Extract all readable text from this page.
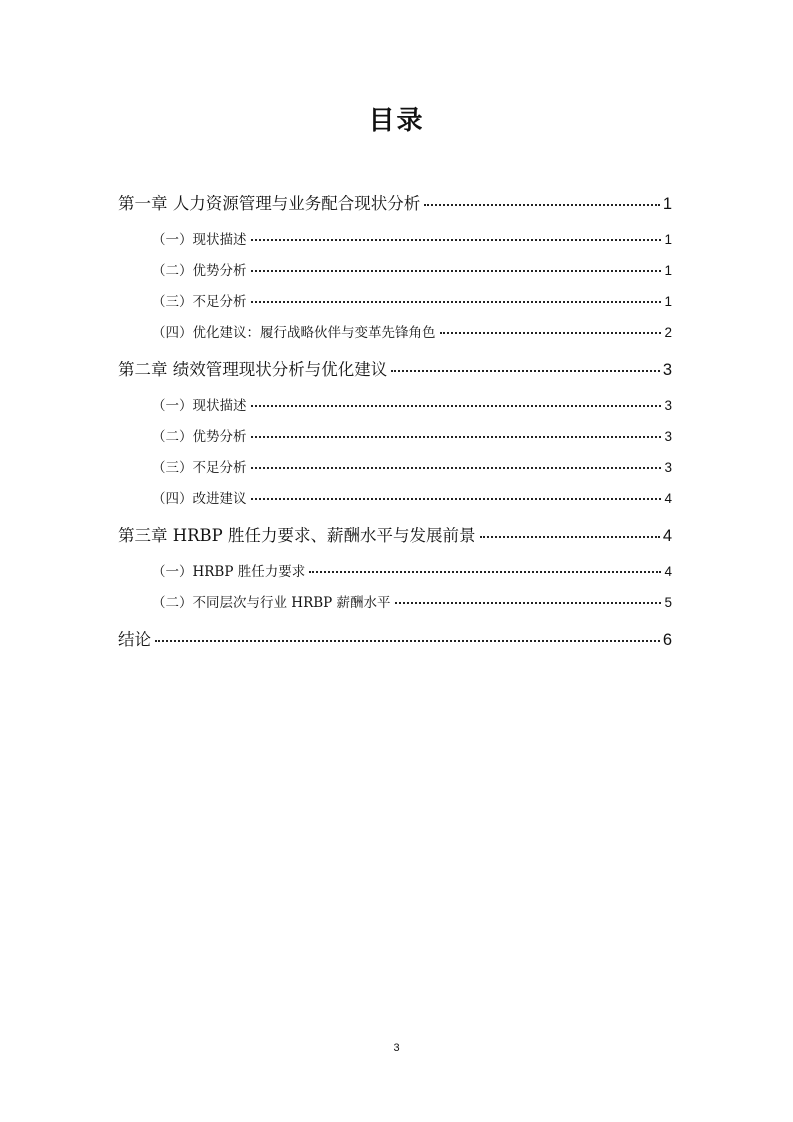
目录
第一章 人力资源管理与业务配合现状分析	1
（一）现状描述	1
（二）优势分析	1
（三）不足分析	1
（四）优化建议：履行战略伙伴与变革先锋角色	2
第二章 绩效管理现状分析与优化建议	3
（一）现状描述	3
（二）优势分析	3
（三）不足分析	3
（四）改进建议	4
第三章 HRBP 胜任力要求、薪酬水平与发展前景	4
（一）HRBP 胜任力要求	4
（二）不同层次与行业 HRBP 薪酬水平	5
结论	6
3
